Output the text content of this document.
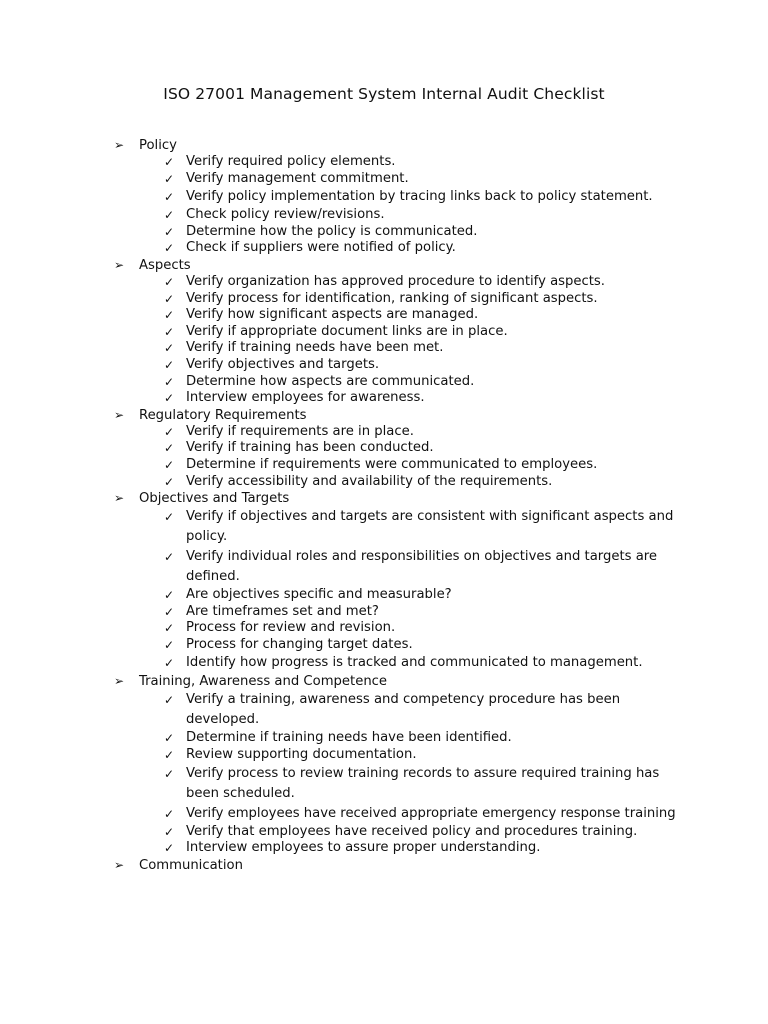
ISO 27001 Management System Internal Audit Checklist
➢ Policy
✓ Verify required policy elements.
✓ Verify management commitment.
✓ Verify policy implementation by tracing links back to policy statement.
✓ Check policy review/revisions.
✓ Determine how the policy is communicated.
✓ Check if suppliers were notified of policy.
➢ Aspects
✓ Verify organization has approved procedure to identify aspects.
✓ Verify process for identification, ranking of significant aspects.
✓ Verify how significant aspects are managed.
✓ Verify if appropriate document links are in place.
✓ Verify if training needs have been met.
✓ Verify objectives and targets.
✓ Determine how aspects are communicated.
✓ Interview employees for awareness.
➢ Regulatory Requirements
✓ Verify if requirements are in place.
✓ Verify if training has been conducted.
✓ Determine if requirements were communicated to employees.
✓ Verify accessibility and availability of the requirements.
➢ Objectives and Targets
✓ Verify if objectives and targets are consistent with significant aspects and policy.
✓ Verify individual roles and responsibilities on objectives and targets are defined.
✓ Are objectives specific and measurable?
✓ Are timeframes set and met?
✓ Process for review and revision.
✓ Process for changing target dates.
✓ Identify how progress is tracked and communicated to management.
➢ Training, Awareness and Competence
✓ Verify a training, awareness and competency procedure has been developed.
✓ Determine if training needs have been identified.
✓ Review supporting documentation.
✓ Verify process to review training records to assure required training has been scheduled.
✓ Verify employees have received appropriate emergency response training
✓ Verify that employees have received policy and procedures training.
✓ Interview employees to assure proper understanding.
➢ Communication
